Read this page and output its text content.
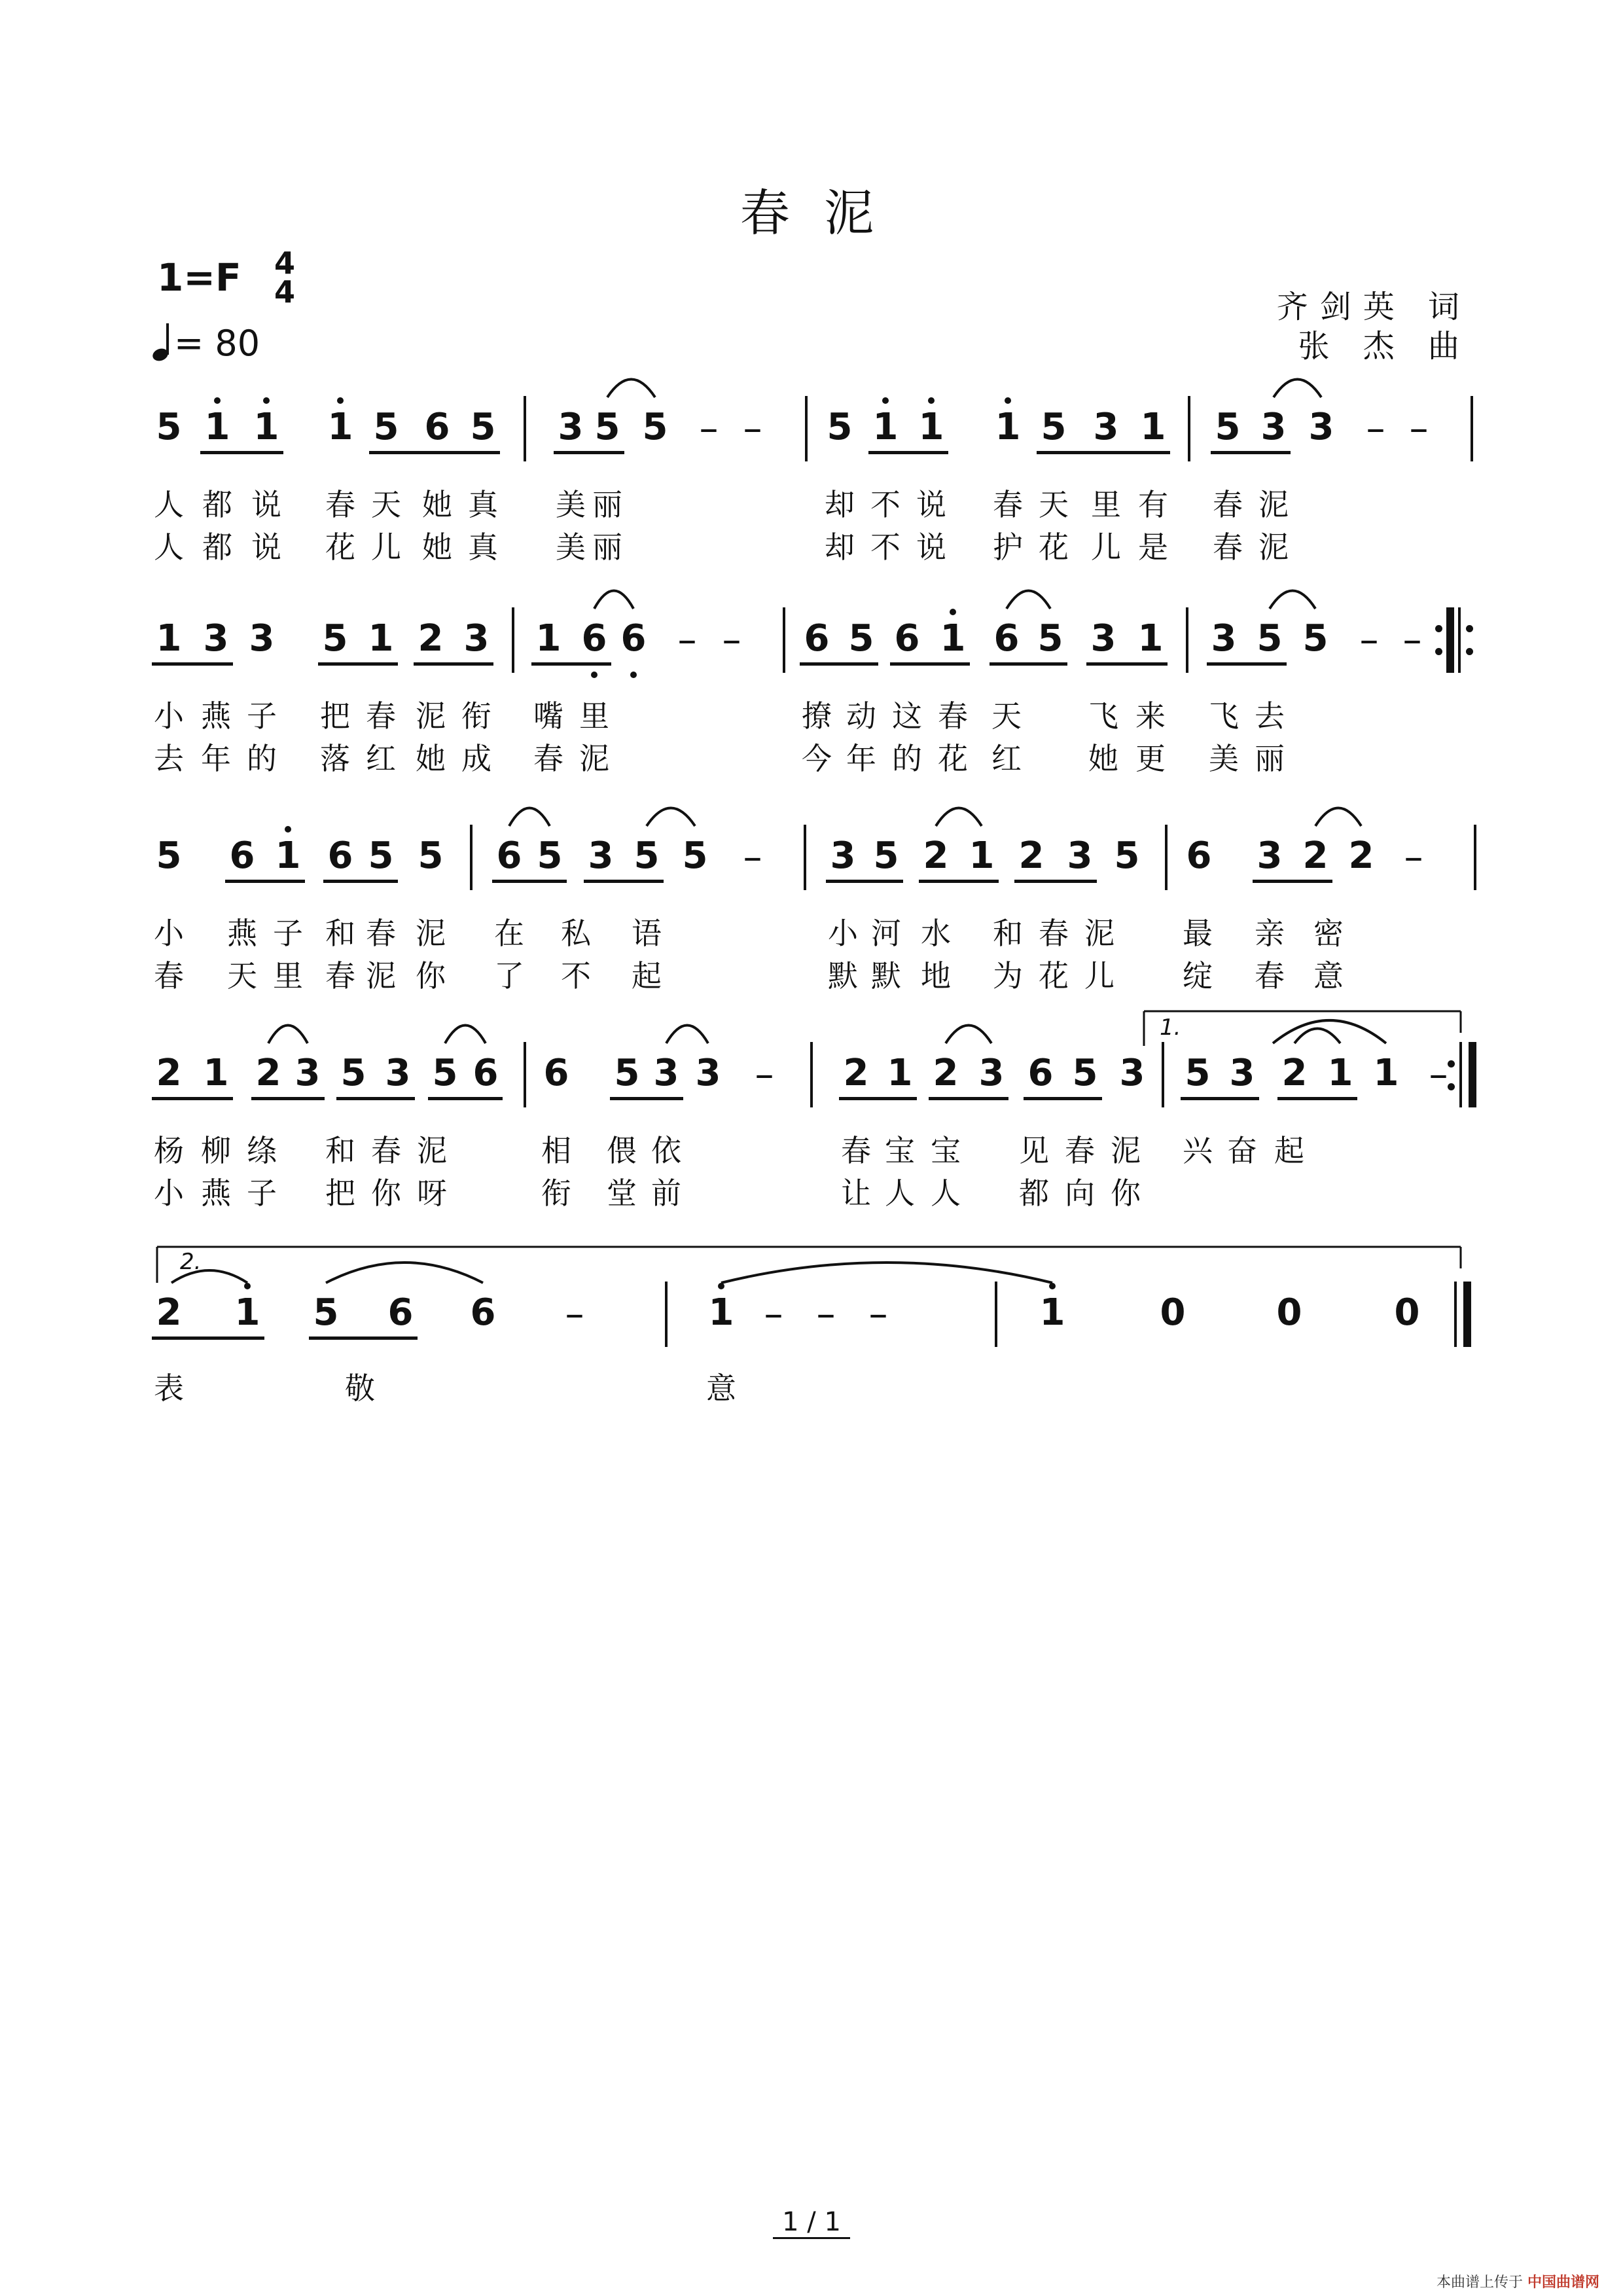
春 泥
1=F 4
4
= 80
齐剑英 词
张 杰 曲
5 1 1 1 5 6 5 3 5 5 – – 5 1 1 1 5 3 1 5 3 3 – –
人 都 说 春 天 她 真 美 丽	却 不 说 春 天 里 有 春 泥
人 都 说 花 儿 她 真 美 丽	却 不 说 护 花 儿 是 春 泥
1 3 3 5 1 2 3 1 6 6 – – 6 5 6 1 6 5 3 1 3 5 5 – –
小 燕 子 把 春 泥 衔 嘴 里	撩 动 这 春 天 飞 来 飞 去
去 年 的 落 红 她 成 春 泥	今 年 的 花 红 她 更 美 丽
5 6 1 6 5 5 6 5 3 5 5 – 3 5 2 1 2 3 5 6 3 2 2 –
小 燕 子 和 春 泥 在 私 语	小 河 水 和 春 泥 最 亲 密
春 天 里 春 泥 你 了 不 起	默 默 地 为 花 儿 绽 春 意
2 1 2 3 5 3 5 6 6 5 3 3 – 2 1 2 3 6 5 3 5 3 2 1 1 –
杨 柳 绦 和 春 泥	相 偎 依	春 宝 宝 见 春 泥 兴 奋 起
小 燕 子 把 你 呀	衔 堂 前	让 人 人 都 向 你
2 1 5 6 6 –	1 – – –	1	0 0	0
表	敬	意
1.
2.
1 / 1
本曲谱上传于 中国曲谱网
